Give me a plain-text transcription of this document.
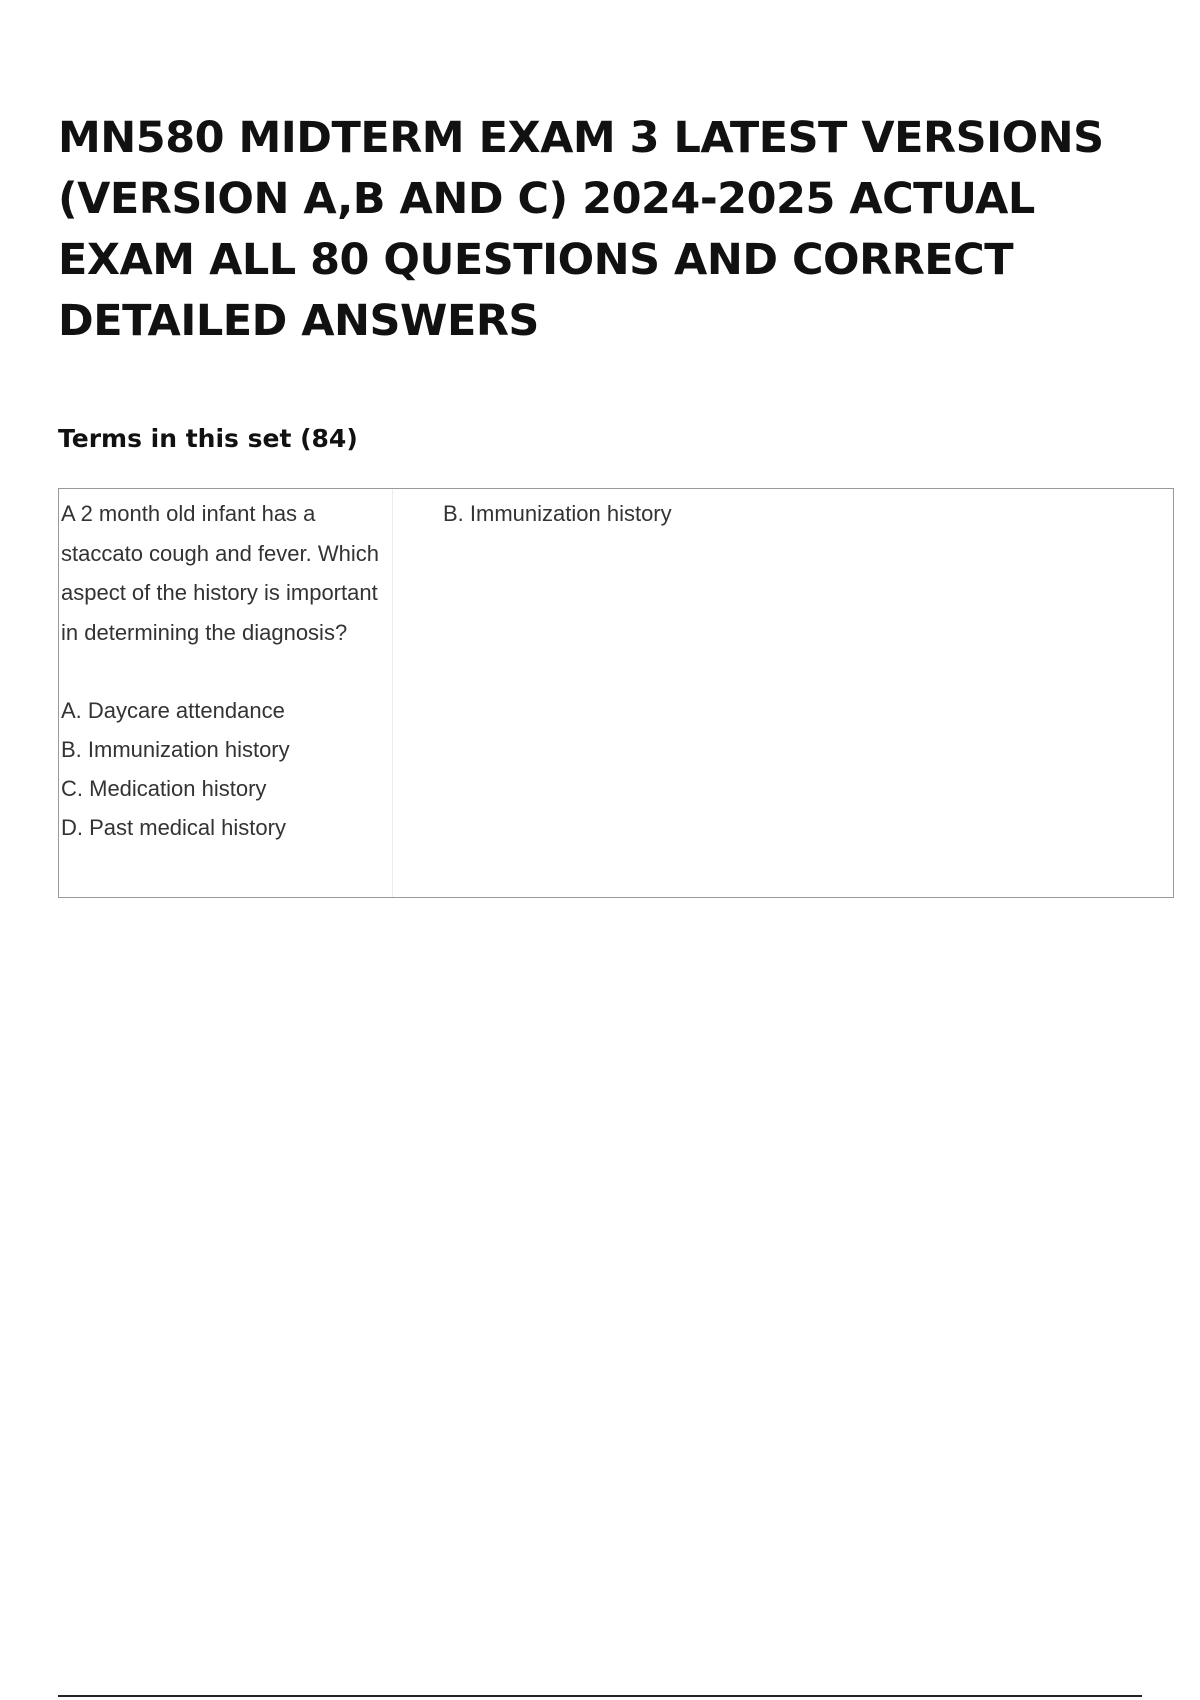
MN580 MIDTERM EXAM 3 LATEST VERSIONS (VERSION A,B AND C) 2024-2025 ACTUAL EXAM ALL 80 QUESTIONS AND CORRECT DETAILED ANSWERS
Terms in this set (84)

A 2 month old infant has a staccato cough and fever. Which aspect of the history is important in determining the diagnosis?

A. Daycare attendance
B. Immunization history
C. Medication history
D. Past medical history
B. Immunization history
